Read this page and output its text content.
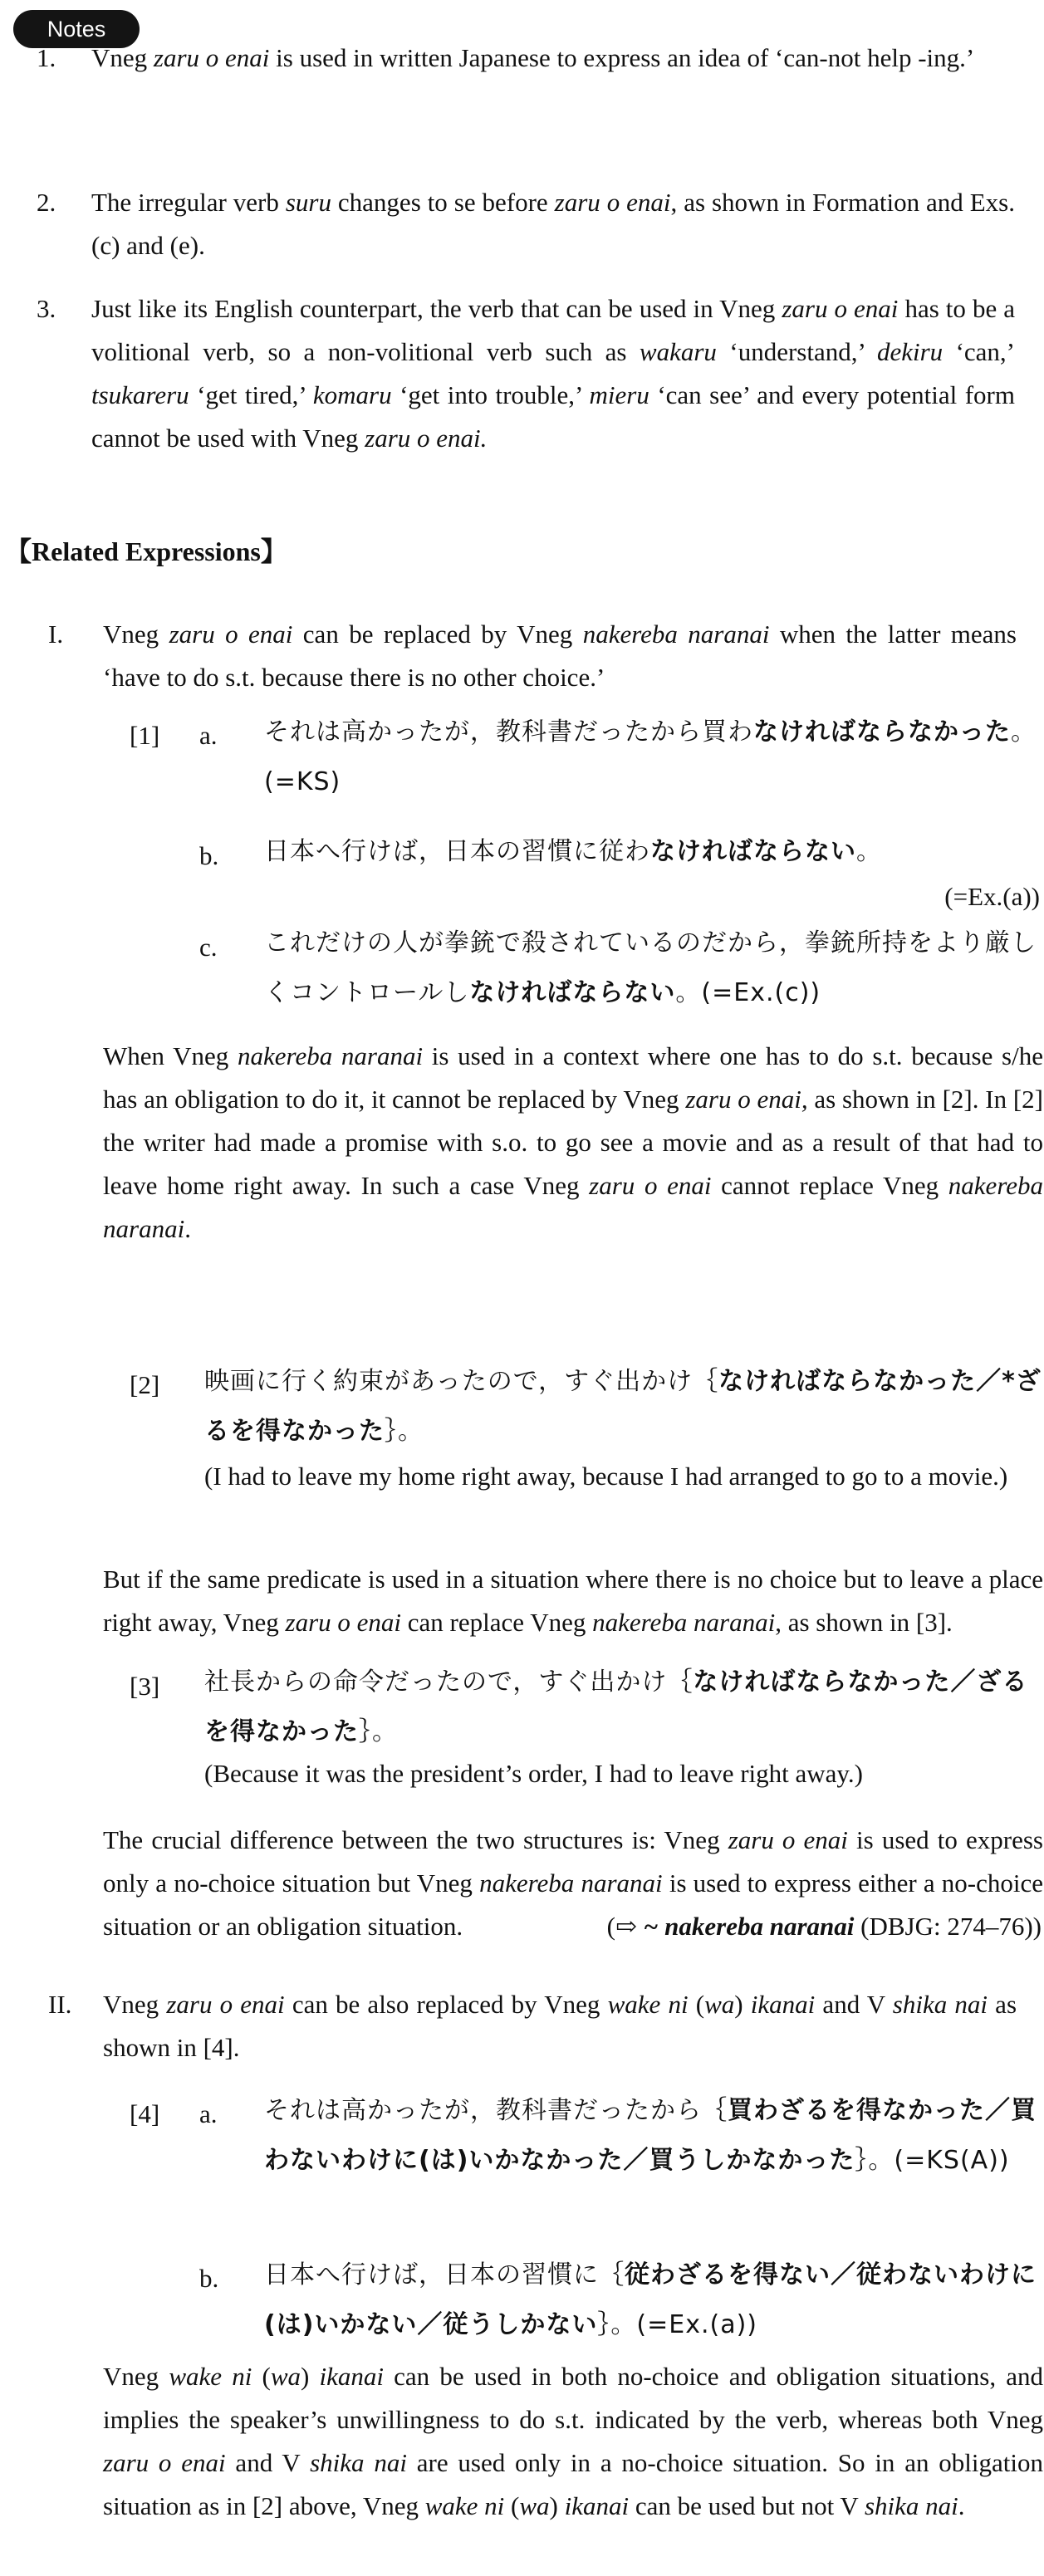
Notes
1. Vneg zaru o enai is used in written Japanese to express an idea of ‘can-not help -ing.’
2. The irregular verb suru changes to se before zaru o enai, as shown in Formation and Exs.(c) and (e).
3. Just like its English counterpart, the verb that can be used in Vneg zaru o enai has to be a volitional verb, so a non-volitional verb such as wakaru ‘understand,’ dekiru ‘can,’ tsukareru ‘get tired,’ komaru ‘get into trouble,’ mieru ‘can see’ and every potential form cannot be used with Vneg zaru o enai.
【Related Expressions】
I. Vneg zaru o enai can be replaced by Vneg nakereba naranai when the latter means ‘have to do s.t. because there is no other choice.’
[1] a. それは高かったが，教科書だったから買わなければならなかった。(=KS)
b. 日本へ行けば，日本の習慣に従わなければならない。
(=Ex.(a))
c. これだけの人が拳銃で殺されているのだから，拳銃所持をより厳しくコントロールしなければならない。(=Ex.(c))
When Vneg nakereba naranai is used in a context where one has to do s.t. because s/he has an obligation to do it, it cannot be replaced by Vneg zaru o enai, as shown in [2]. In [2] the writer had made a promise with s.o. to go see a movie and as a result of that had to leave home right away. In such a case Vneg zaru o enai cannot replace Vneg nakereba naranai.
[2] 映画に行く約束があったので，すぐ出かけ｛なければならなかった／*ざるを得なかった｝。
(I had to leave my home right away, because I had arranged to go to a movie.)
But if the same predicate is used in a situation where there is no choice but to leave a place right away, Vneg zaru o enai can replace Vneg nakereba naranai, as shown in [3].
[3] 社長からの命令だったので，すぐ出かけ｛なければならなかった／ざるを得なかった｝。
(Because it was the president’s order, I had to leave right away.)
The crucial difference between the two structures is: Vneg zaru o enai is used to express only a no-choice situation but Vneg nakereba naranai is used to express either a no-choice situation or an obligation situation.	(⇨ ~ nakereba naranai (DBJG: 274–76))
II. Vneg zaru o enai can be also replaced by Vneg wake ni (wa) ikanai and V shika nai as shown in [4].
[4] a. それは高かったが，教科書だったから｛買わざるを得なかった／買わないわけに(は)いかなかった／買うしかなかった｝。(=KS(A))
b. 日本へ行けば，日本の習慣に｛従わざるを得ない／従わないわけに(は)いかない／従うしかない｝。(=Ex.(a))
Vneg wake ni (wa) ikanai can be used in both no-choice and obligation situations, and implies the speaker’s unwillingness to do s.t. indicated by the verb, whereas both Vneg zaru o enai and V shika nai are used only in a no-choice situation. So in an obligation situation as in [2] above, Vneg wake ni (wa) ikanai can be used but not V shika nai.
